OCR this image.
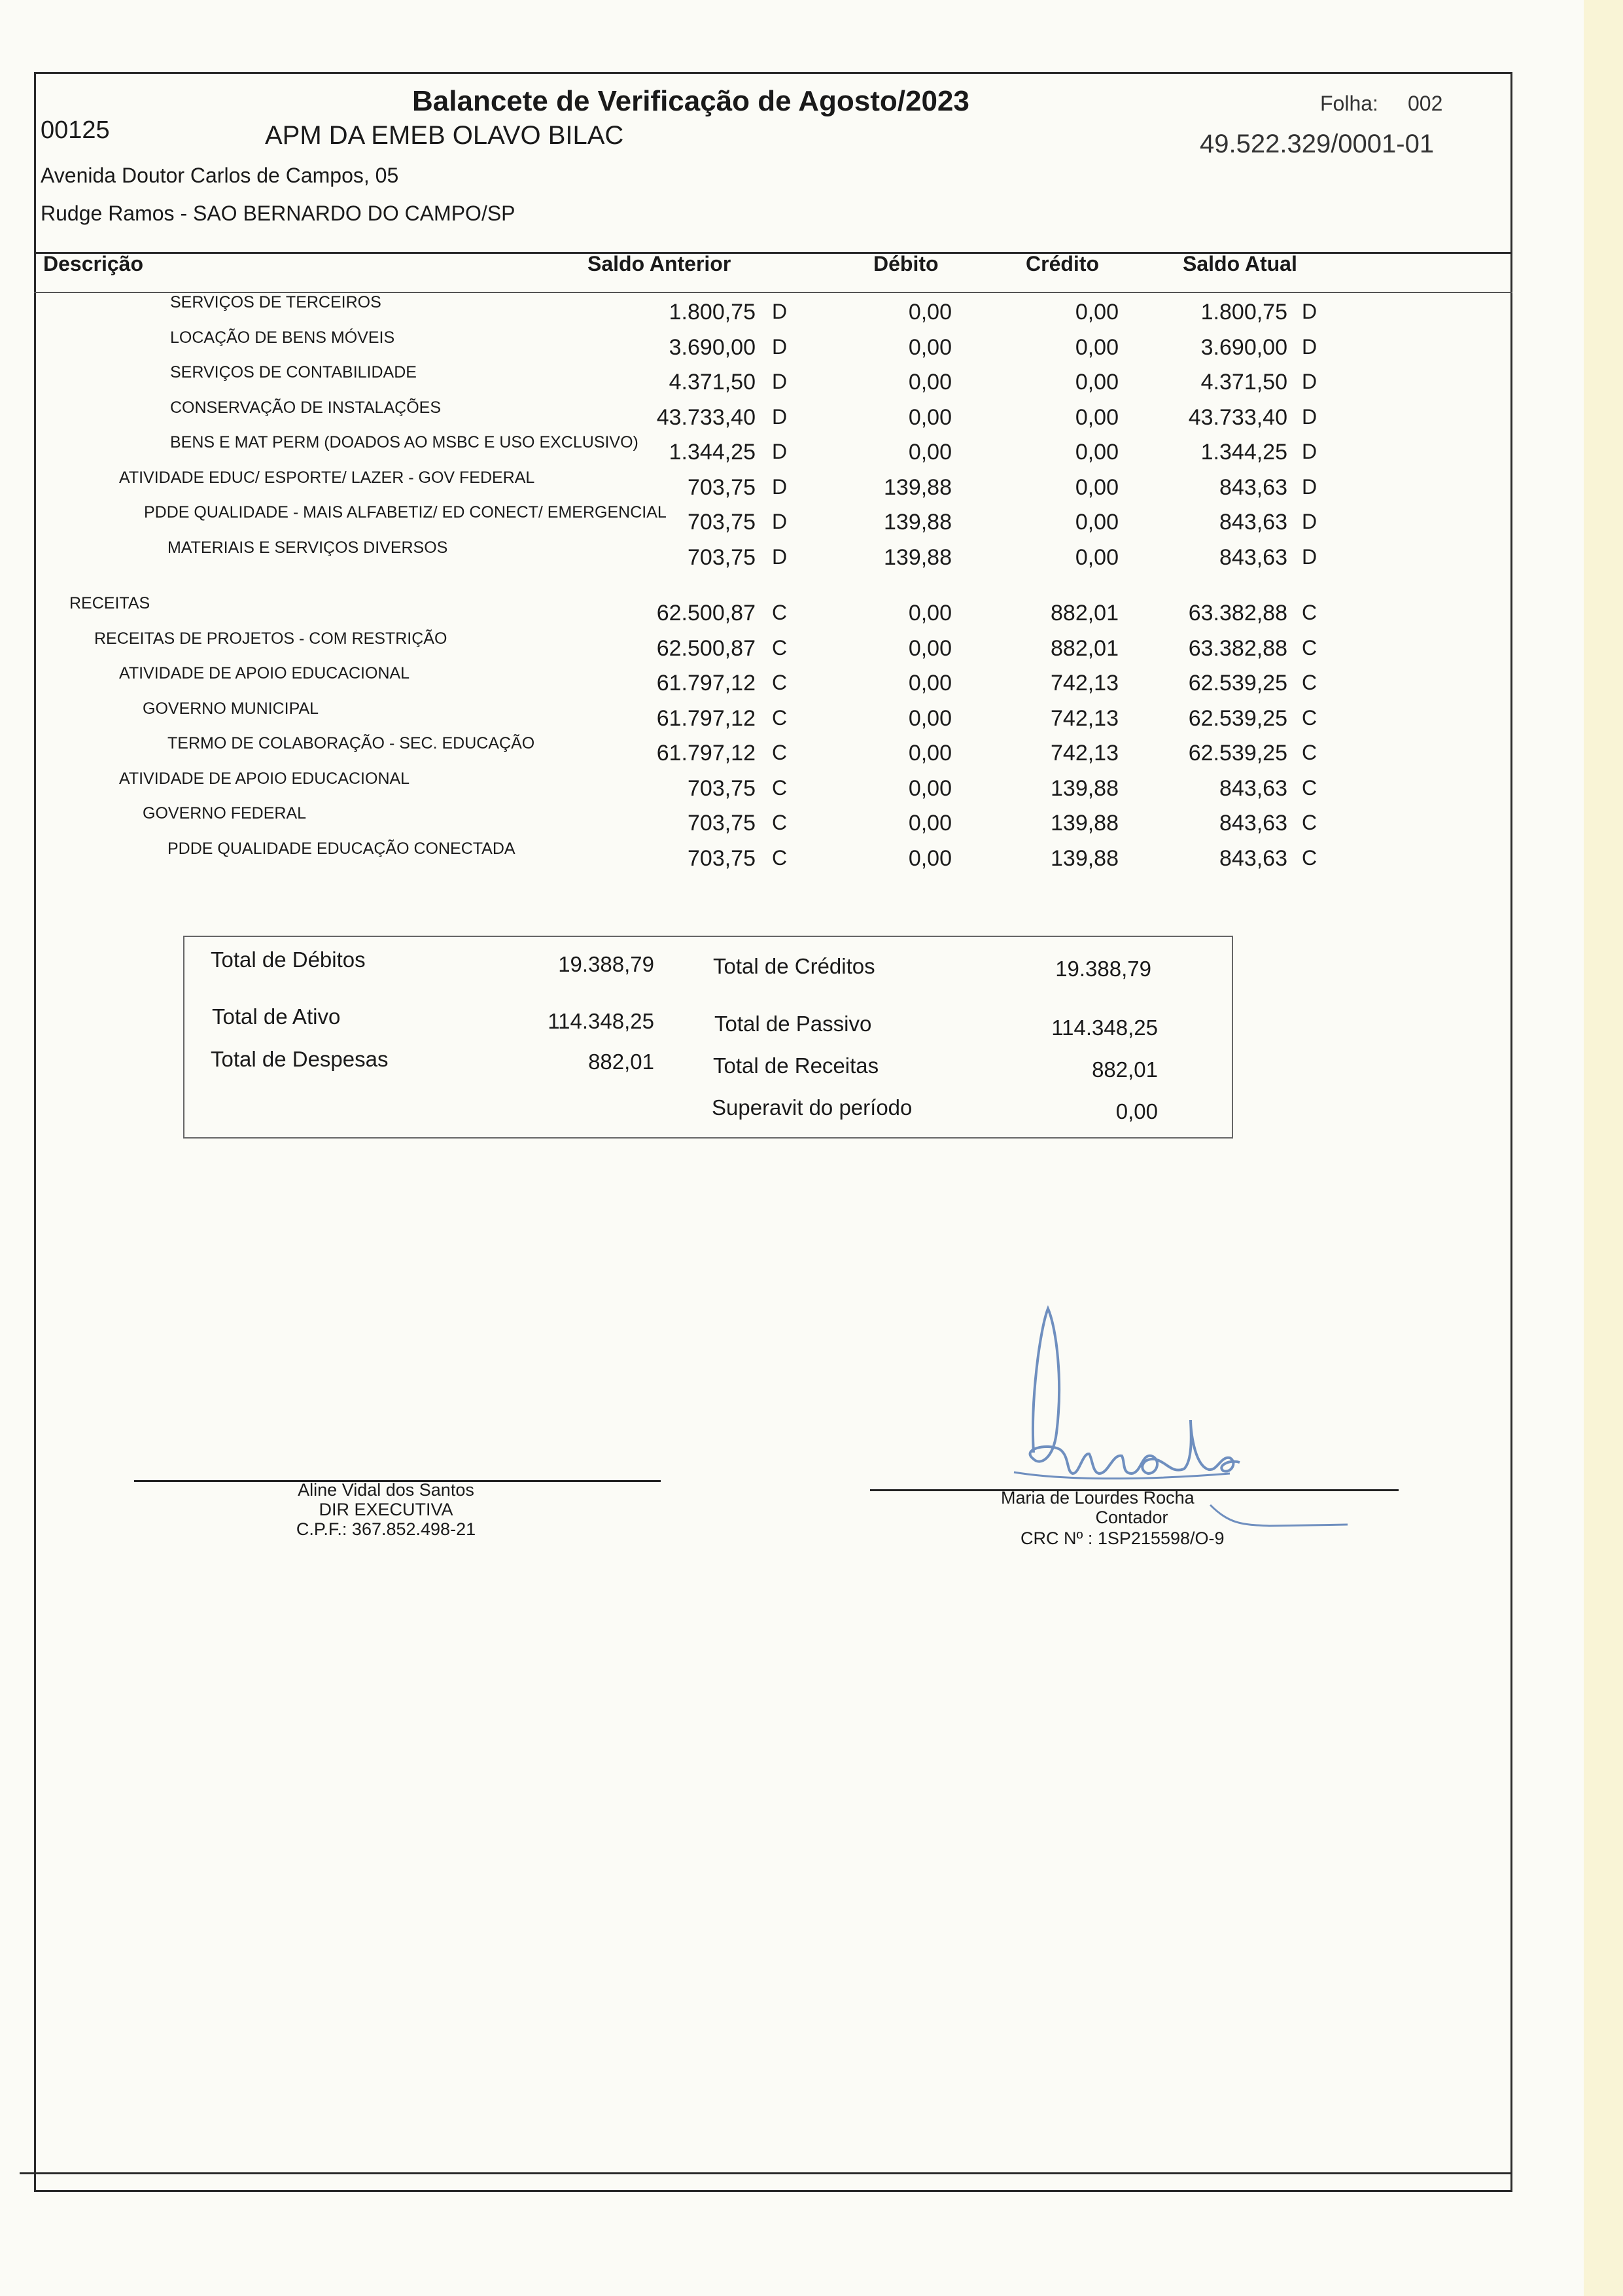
Balancete de Verificação de Agosto/2023
00125	APM DA EMEB OLAVO BILAC
Folha: 002
49.522.329/0001-01
Avenida Doutor Carlos de Campos, 05
Rudge Ramos - SAO BERNARDO DO CAMPO/SP
Descrição	Saldo Anterior	Débito	Crédito	Saldo Atual
SERVIÇOS DE TERCEIROS	1.800,75 D	0,00	0,00	1.800,75 D
LOCAÇÃO DE BENS MÓVEIS	3.690,00 D	0,00	0,00	3.690,00 D
SERVIÇOS DE CONTABILIDADE	4.371,50 D	0,00	0,00	4.371,50 D
CONSERVAÇÃO DE INSTALAÇÕES	43.733,40 D	0,00	0,00	43.733,40 D
BENS E MAT PERM (DOADOS AO MSBC E USO EXCLUSIVO)	1.344,25 D	0,00	0,00	1.344,25 D
ATIVIDADE EDUC/ ESPORTE/ LAZER - GOV FEDERAL	703,75 D	139,88	0,00	843,63 D
PDDE QUALIDADE - MAIS ALFABETIZ/ ED CONECT/ EMERGENCIAL 703,75 D	139,88	0,00	843,63 D
MATERIAIS E SERVIÇOS DIVERSOS	703,75 D	139,88	0,00	843,63 D
RECEITAS	62.500,87 C	0,00	882,01	63.382,88 C
RECEITAS DE PROJETOS - COM RESTRIÇÃO	62.500,87 C	0,00	882,01	63.382,88 C
ATIVIDADE DE APOIO EDUCACIONAL	61.797,12 C	0,00	742,13	62.539,25 C
GOVERNO MUNICIPAL	61.797,12 C	0,00	742,13	62.539,25 C
TERMO DE COLABORAÇÃO - SEC. EDUCAÇÃO	61.797,12 C	0,00	742,13	62.539,25 C
ATIVIDADE DE APOIO EDUCACIONAL	703,75 C	0,00	139,88	843,63 C
GOVERNO FEDERAL	703,75 C	0,00	139,88	843,63 C
PDDE QUALIDADE EDUCAÇÃO CONECTADA	703,75 C	0,00	139,88	843,63 C
Total de Débitos	19.388,79	Total de Créditos	19.388,79
Total de Ativo	114.348,25	Total de Passivo	114.348,25
Total de Despesas	882,01	Total de Receitas	882,01
Superavit do período	0,00
Aline Vidal dos Santos
DIR EXECUTIVA
C.P.F.: 367.852.498-21
Maria de Lourdes Rocha
Contador
CRC Nº : 1SP215598/O-9
